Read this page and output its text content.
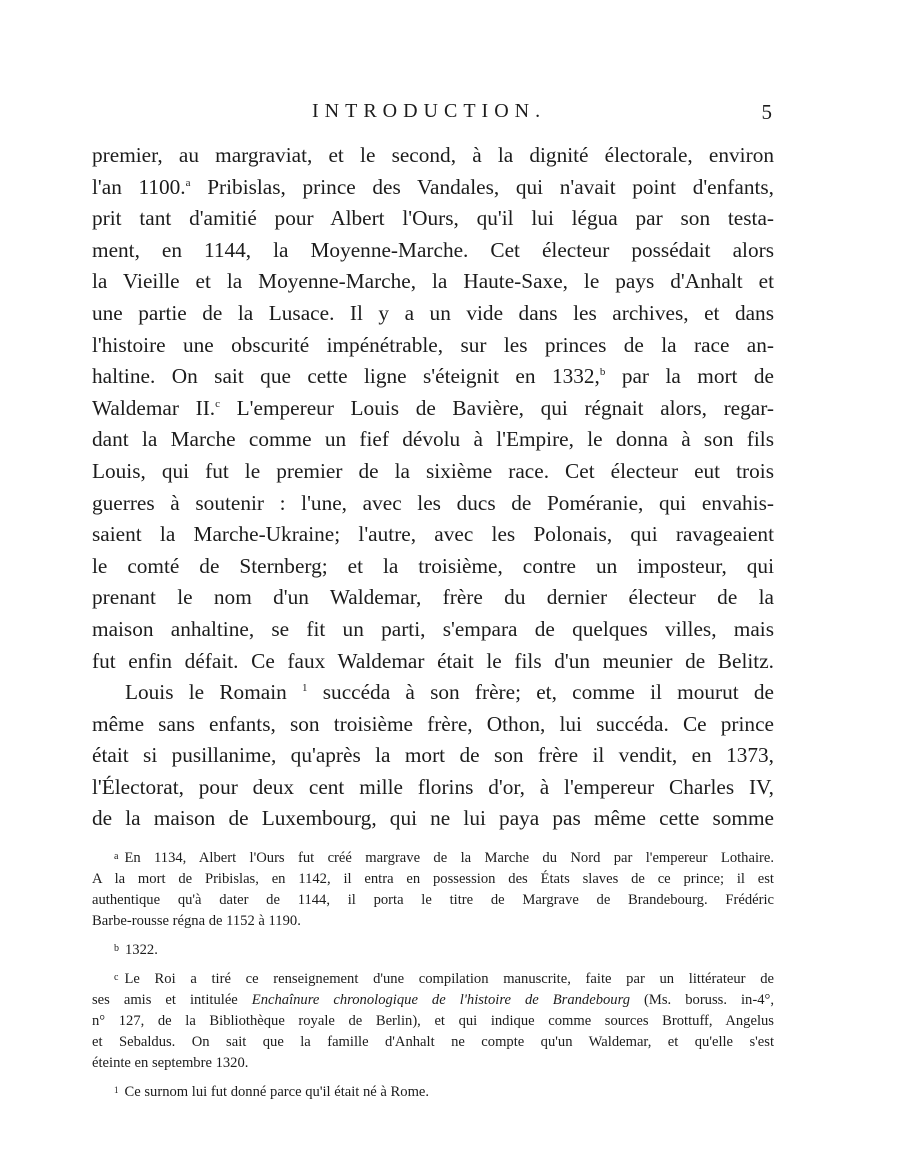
INTRODUCTION.	5
premier, au margraviat, et le second, à la dignité électorale, environ
l'an 1100.$^a$ Pribislas, prince des Vandales, qui n'avait point d'enfants,
prit tant d'amitié pour Albert l'Ours, qu'il lui légua par son testa-
ment, en 1144, la Moyenne-Marche. Cet électeur possédait alors
la Vieille et la Moyenne-Marche, la Haute-Saxe, le pays d'Anhalt et
une partie de la Lusace. Il y a un vide dans les archives, et dans
l'histoire une obscurité impénétrable, sur les princes de la race an-
haltine. On sait que cette ligne s'éteignit en 1332,$^b$ par la mort de
Waldemar II.$^c$ L'empereur Louis de Bavière, qui régnait alors, regar-
dant la Marche comme un fief dévolu à l'Empire, le donna à son fils
Louis, qui fut le premier de la sixième race. Cet électeur eut trois
guerres à soutenir : l'une, avec les ducs de Poméranie, qui envahis-
saient la Marche-Ukraine; l'autre, avec les Polonais, qui ravageaient
le comté de Sternberg; et la troisième, contre un imposteur, qui
prenant le nom d'un Waldemar, frère du dernier électeur de la
maison anhaltine, se fit un parti, s'empara de quelques villes, mais
fut enfin défait. Ce faux Waldemar était le fils d'un meunier de Belitz.
Louis le Romain $^1$ succéda à son frère; et, comme il mourut de
même sans enfants, son troisième frère, Othon, lui succéda. Ce prince
était si pusillanime, qu'après la mort de son frère il vendit, en 1373,
l'Électorat, pour deux cent mille florins d'or, à l'empereur Charles IV,
de la maison de Luxembourg, qui ne lui paya pas même cette somme
$^a$ En 1134, Albert l'Ours fut créé margrave de la Marche du Nord par l'empereur Lothaire.
A la mort de Pribislas, en 1142, il entra en possession des États slaves de ce prince; il est
authentique qu'à dater de 1144, il porta le titre de Margrave de Brandebourg. Frédéric
Barbe-rousse régna de 1152 à 1190.
$^b$ 1322.
$^c$ Le Roi a tiré ce renseignement d'une compilation manuscrite, faite par un littérateur de
ses amis et intitulée Enchaînure chronologique de l'histoire de Brandebourg (Ms. boruss. in-4°,
n° 127, de la Bibliothèque royale de Berlin), et qui indique comme sources Brottuff, Angelus
et Sebaldus. On sait que la famille d'Anhalt ne compte qu'un Waldemar, et qu'elle s'est
éteinte en septembre 1320.
$^1$ Ce surnom lui fut donné parce qu'il était né à Rome.
